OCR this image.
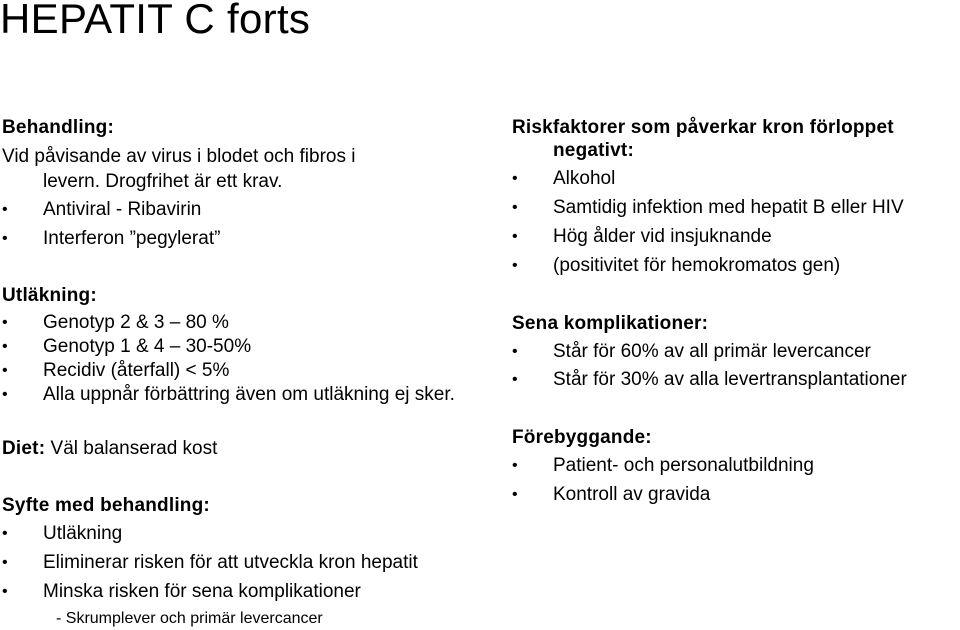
HEPATIT C forts
Behandling:
Vid påvisande av virus i blodet och fibros i
levern. Drogfrihet är ett krav.
• Antiviral - Ribavirin
• Interferon ”pegylerat”
Utläkning:
• Genotyp 2 & 3 – 80 %
• Genotyp 1 & 4 – 30-50%
• Recidiv (återfall) < 5%
• Alla uppnår förbättring även om utläkning ej sker.
Diet: Väl balanserad kost
Syfte med behandling:
• Utläkning
• Eliminerar risken för att utveckla kron hepatit
• Minska risken för sena komplikationer
- Skrumplever och primär levercancer
Riskfaktorer som påverkar kron förloppet
negativt:
• Alkohol
• Samtidig infektion med hepatit B eller HIV
• Hög ålder vid insjuknande
• (positivitet för hemokromatos gen)
Sena komplikationer:
• Står för 60% av all primär levercancer
• Står för 30% av alla levertransplantationer
Förebyggande:
• Patient- och personalutbildning
• Kontroll av gravida
